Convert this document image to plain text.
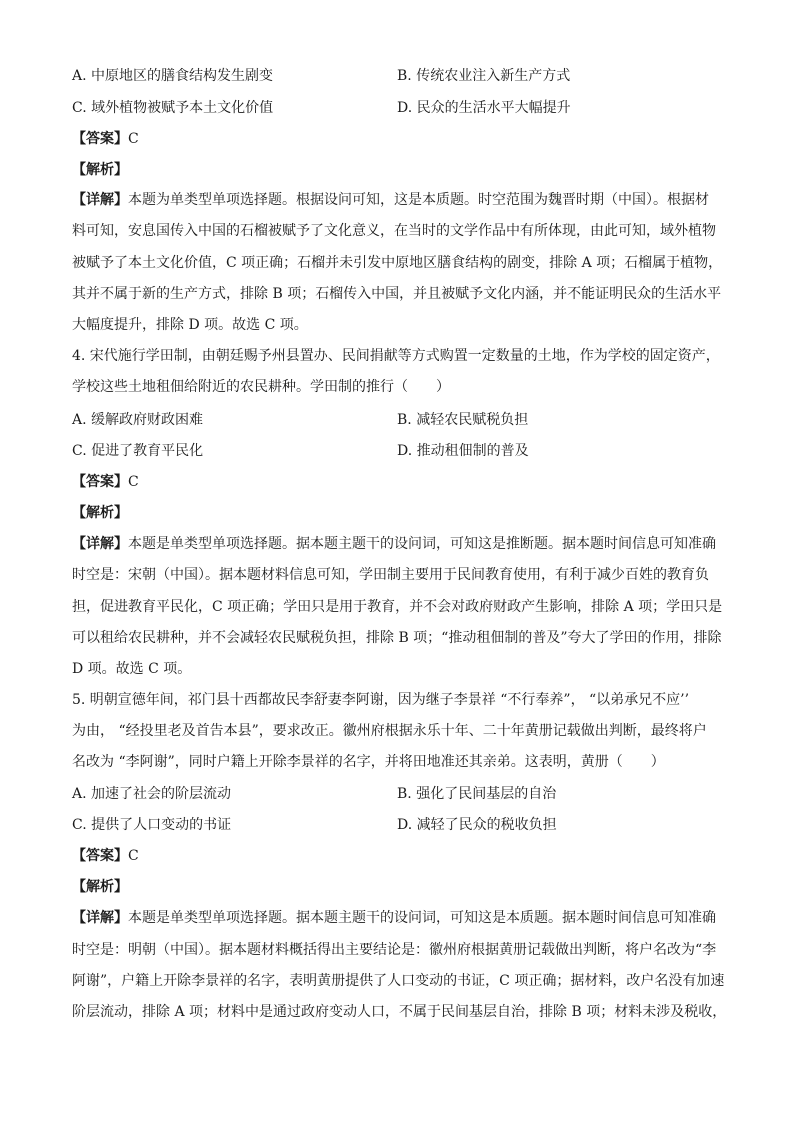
A. 中原地区的膳食结构发生剧变	B. 传统农业注入新生产方式
C. 域外植物被赋予本土文化价值	D. 民众的生活水平大幅提升
【答案】C
【解析】
【详解】本题为单类型单项选择题。根据设问可知，这是本质题。时空范围为魏晋时期（中国）。根据材
料可知，安息国传入中国的石榴被赋予了文化意义，在当时的文学作品中有所体现，由此可知，域外植物
被赋予了本土文化价值，C 项正确；石榴并未引发中原地区膳食结构的剧变，排除 A 项；石榴属于植物，
其并不属于新的生产方式，排除 B 项；石榴传入中国，并且被赋予文化内涵，并不能证明民众的生活水平
大幅度提升，排除 D 项。故选 C 项。
4. 宋代施行学田制，由朝廷赐予州县置办、民间捐献等方式购置一定数量的土地，作为学校的固定资产，
学校这些土地租佃给附近的农民耕种。学田制的推行（　　）
A. 缓解政府财政困难	B. 减轻农民赋税负担
C. 促进了教育平民化	D. 推动租佃制的普及
【答案】C
【解析】
【详解】本题是单类型单项选择题。据本题主题干的设问词，可知这是推断题。据本题时间信息可知准确
时空是：宋朝（中国）。据本题材料信息可知，学田制主要用于民间教育使用，有利于减少百姓的教育负
担，促进教育平民化，C 项正确；学田只是用于教育，并不会对政府财政产生影响，排除 A 项；学田只是
可以租给农民耕种，并不会减轻农民赋税负担，排除 B 项；“推动租佃制的普及”夸大了学田的作用，排除
D 项。故选 C 项。
5. 明朝宣德年间，祁门县十西都故民李舒妻李阿谢，因为继子李景祥 “不行奉养”， “以弟承兄不应’’
为由， “经投里老及首告本县”，要求改正。徽州府根据永乐十年、二十年黄册记载做出判断，最终将户
名改为 “李阿谢”，同时户籍上开除李景祥的名字，并将田地准还其亲弟。这表明，黄册（　　）
A. 加速了社会的阶层流动	B. 强化了民间基层的自治
C. 提供了人口变动的书证	D. 减轻了民众的税收负担
【答案】C
【解析】
【详解】本题是单类型单项选择题。据本题主题干的设问词，可知这是本质题。据本题时间信息可知准确
时空是：明朝（中国）。据本题材料概括得出主要结论是：徽州府根据黄册记载做出判断，将户名改为“李
阿谢”，户籍上开除李景祥的名字，表明黄册提供了人口变动的书证，C 项正确；据材料，改户名没有加速
阶层流动，排除 A 项；材料中是通过政府变动人口，不属于民间基层自治，排除 B 项；材料未涉及税收，
